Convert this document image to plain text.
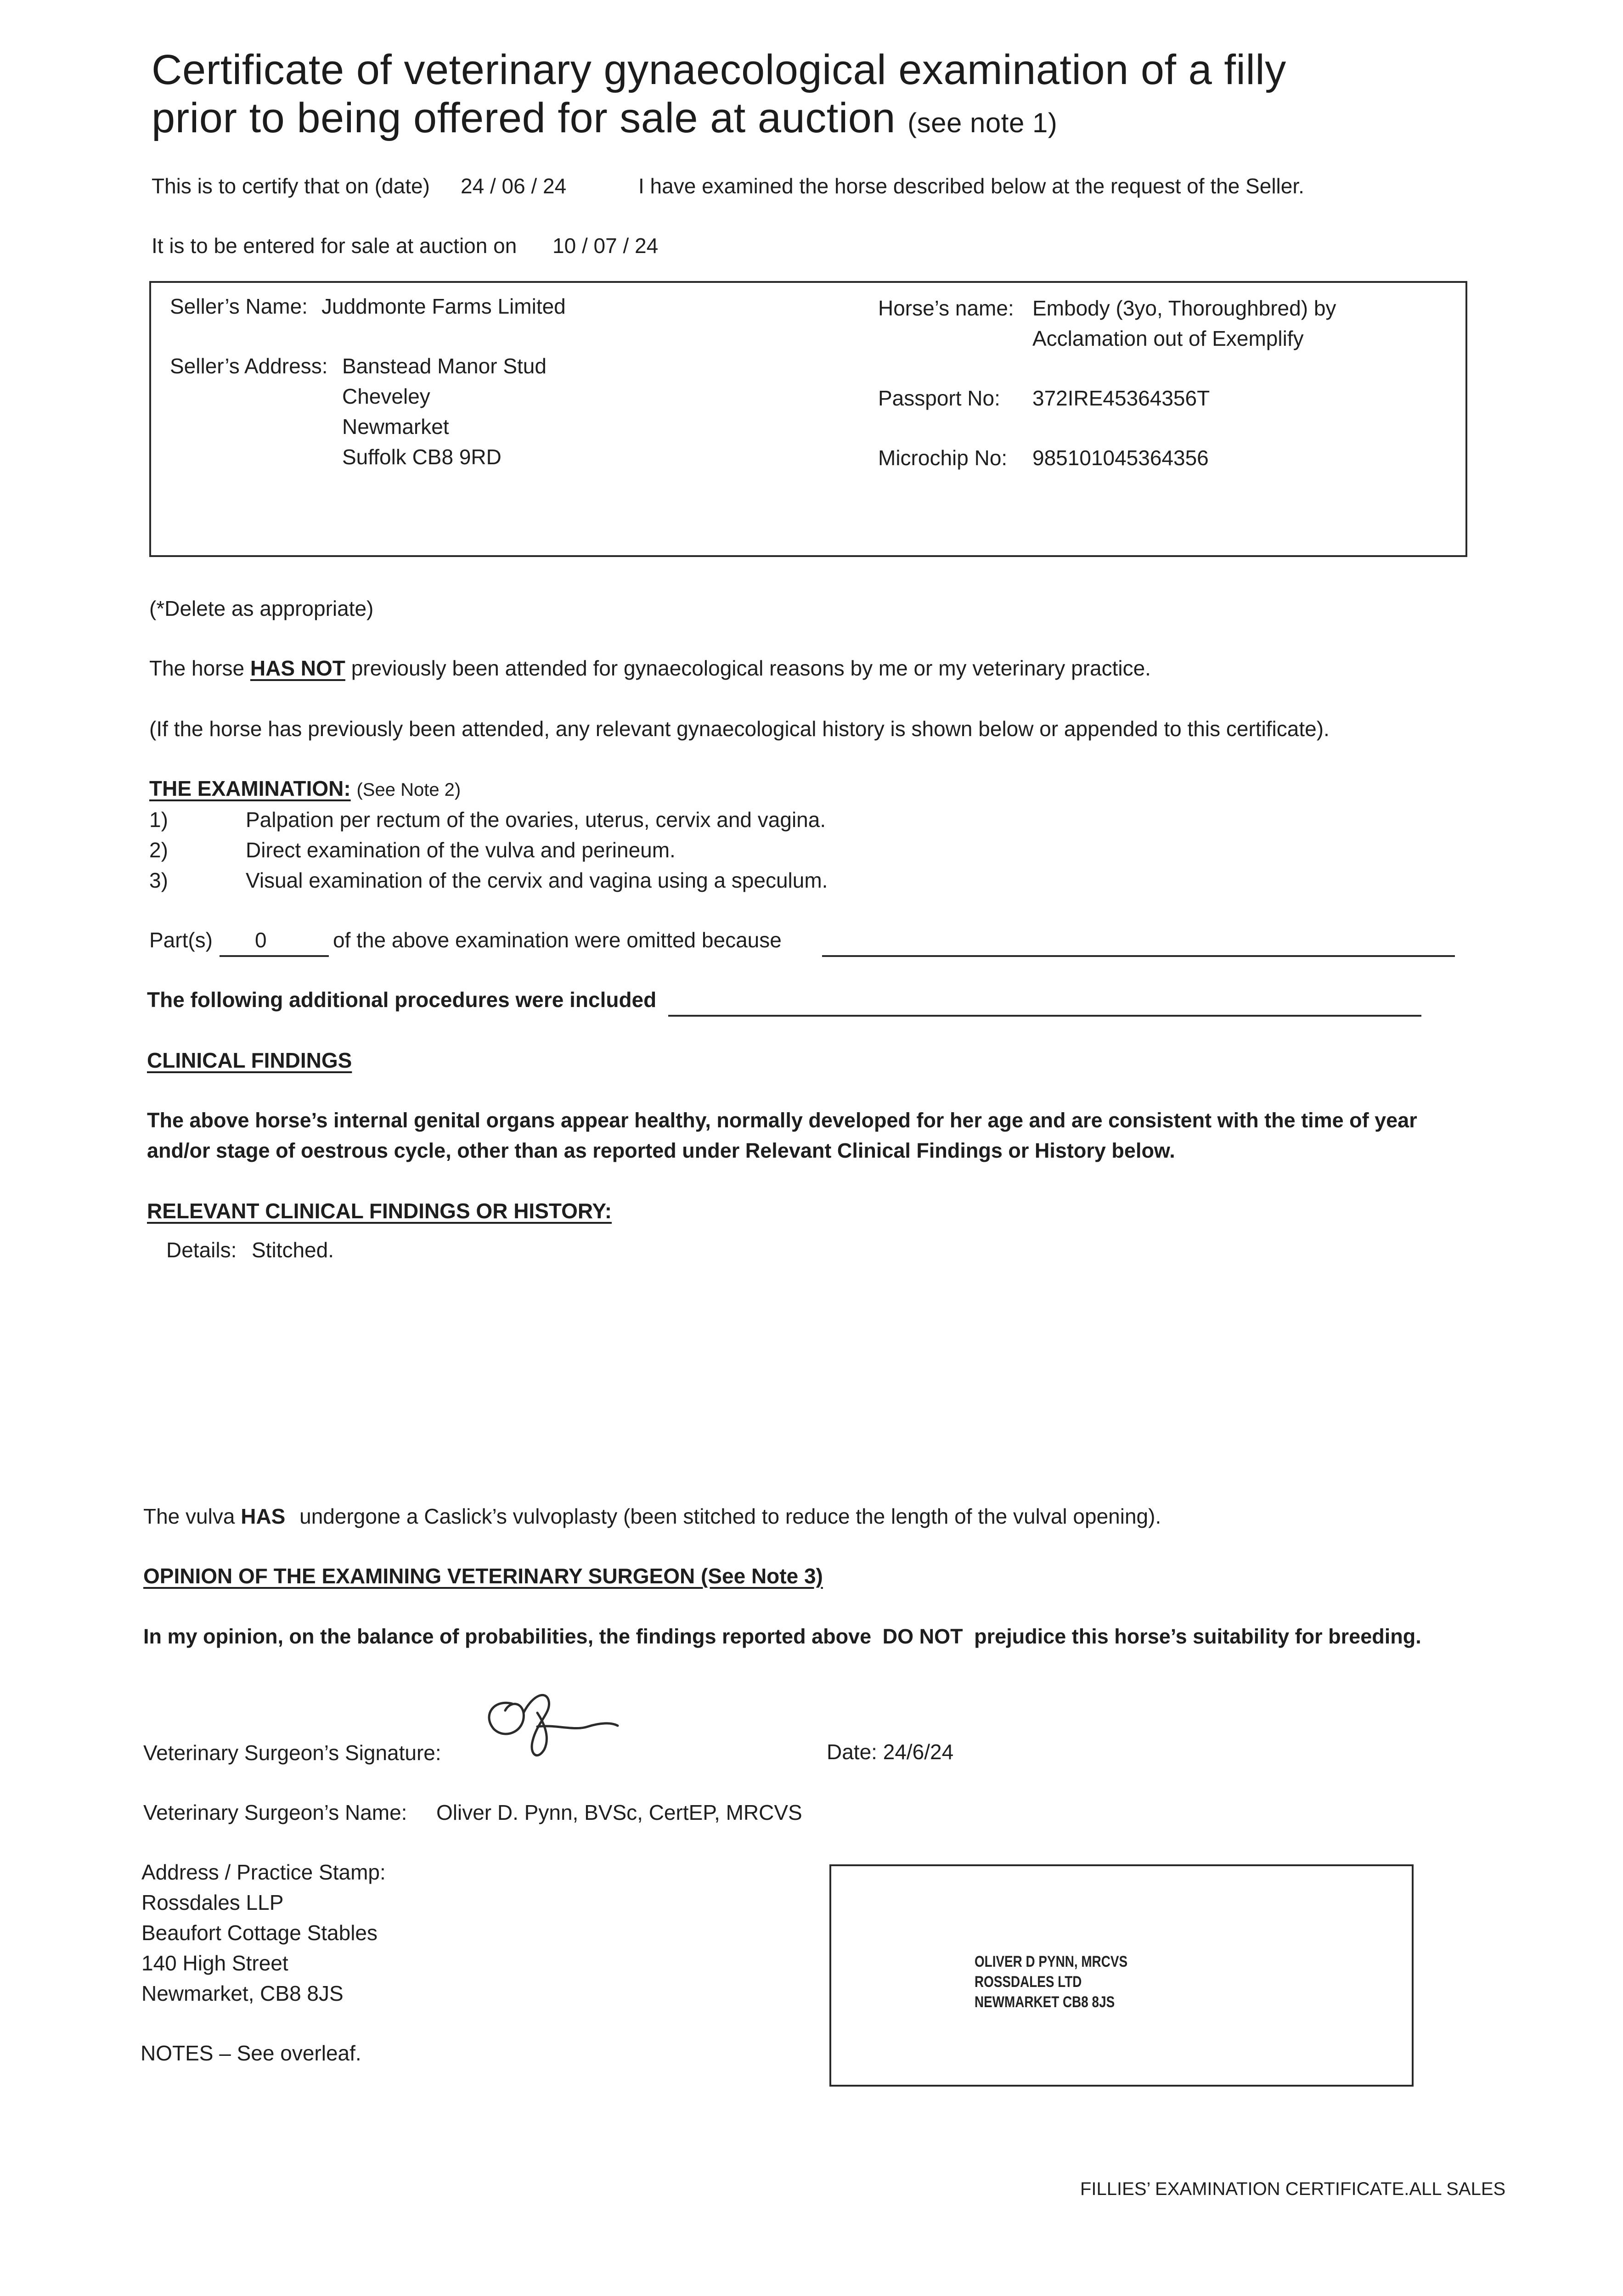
Certificate of veterinary gynaecological examination of a filly
prior to being offered for sale at auction (see note 1)
This is to certify that on (date) 24 / 06 / 24	I have examined the horse described below at the request of the Seller.
It is to be entered for sale at auction on 10 / 07 / 24
Seller’s Name: Juddmonte Farms Limited
Seller’s Address: Banstead Manor Stud
Cheveley
Newmarket
Suffolk CB8 9RD
Horse’s name: Embody (3yo, Thoroughbred) by
Acclamation out of Exemplify
Passport No: 372IRE45364356T
Microchip No: 985101045364356
(*Delete as appropriate)
The horse HAS NOT previously been attended for gynaecological reasons by me or my veterinary practice.
(If the horse has previously been attended, any relevant gynaecological history is shown below or appended to this certificate).
THE EXAMINATION: (See Note 2)
1)	Palpation per rectum of the ovaries, uterus, cervix and vagina.
2)	Direct examination of the vulva and perineum.
3)	Visual examination of the cervix and vagina using a speculum.
Part(s) 0	of the above examination were omitted because
The following additional procedures were included
CLINICAL FINDINGS
The above horse’s internal genital organs appear healthy, normally developed for her age and are consistent with the time of year
and/or stage of oestrous cycle, other than as reported under Relevant Clinical Findings or History below.
RELEVANT CLINICAL FINDINGS OR HISTORY:
Details: Stitched.
The vulva HAS undergone a Caslick’s vulvoplasty (been stitched to reduce the length of the vulval opening).
OPINION OF THE EXAMINING VETERINARY SURGEON (See Note 3)
In my opinion, on the balance of probabilities, the findings reported above DO NOT prejudice this horse’s suitability for breeding.
Veterinary Surgeon’s Signature:	Date: 24/6/24
Veterinary Surgeon’s Name: Oliver D. Pynn, BVSc, CertEP, MRCVS
Address / Practice Stamp:
Rossdales LLP
Beaufort Cottage Stables
140 High Street
Newmarket, CB8 8JS
OLIVER D PYNN, MRCVS
ROSSDALES LTD
NEWMARKET CB8 8JS
NOTES – See overleaf.
FILLIES’ EXAMINATION CERTIFICATE.ALL SALES
